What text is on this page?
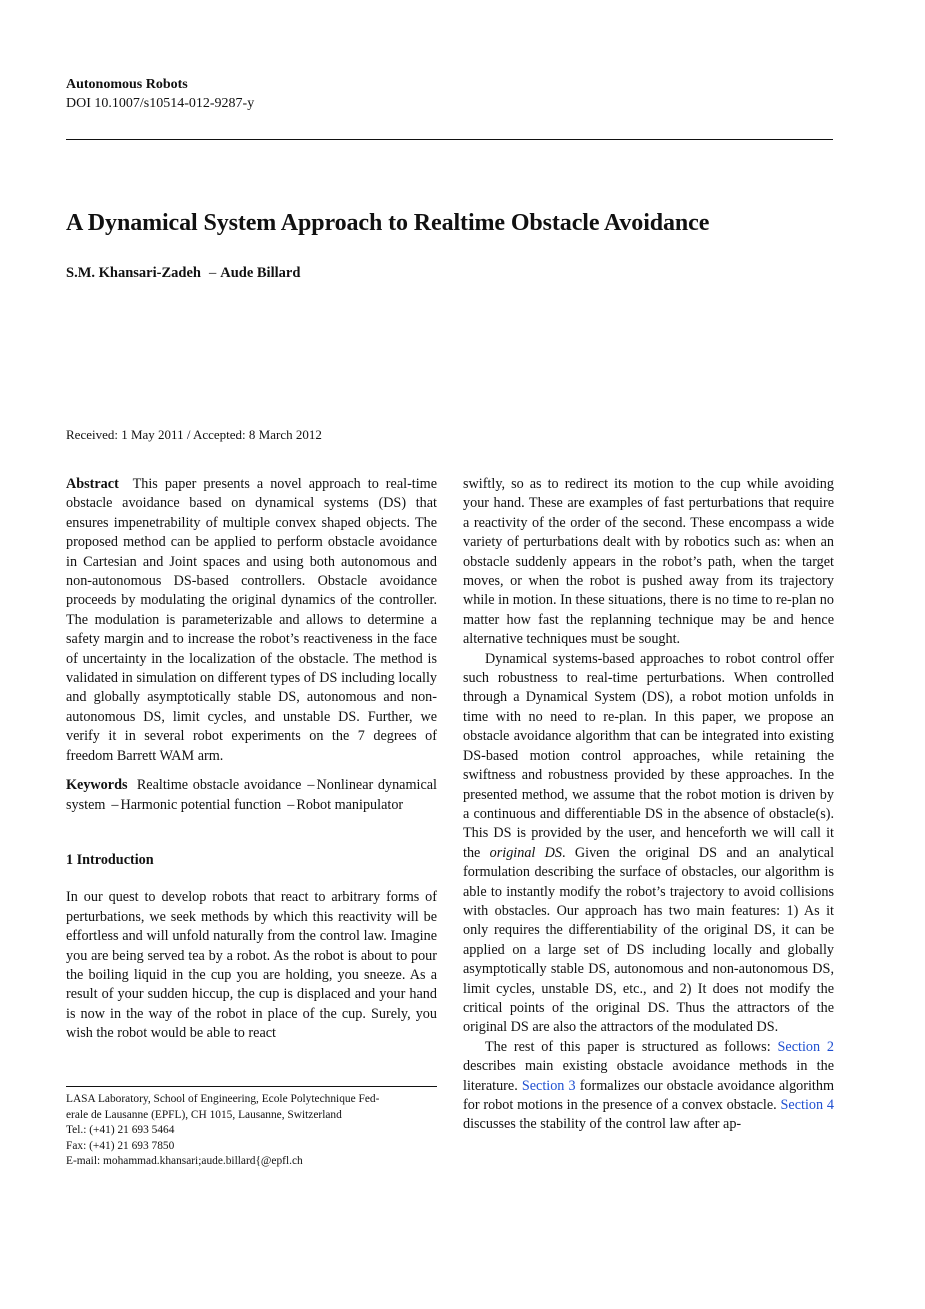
Autonomous Robots
DOI 10.1007/s10514-012-9287-y
A Dynamical System Approach to Realtime Obstacle Avoidance
S.M. Khansari-Zadeh – Aude Billard
Received: 1 May 2011 / Accepted: 8 March 2012

Abstract This paper presents a novel approach to real-time obstacle avoidance based on dynamical systems (DS) that ensures impenetrability of multiple convex shaped objects. The proposed method can be applied to perform obstacle avoidance in Cartesian and Joint spaces and using both autonomous and non-autonomous DS-based controllers. Obstacle avoidance proceeds by modulating the original dynamics of the controller. The modulation is parameterizable and allows to determine a safety margin and to increase the robot’s reactiveness in the face of uncertainty in the localization of the obstacle. The method is validated in simulation on different types of DS including locally and globally asymptotically stable DS, autonomous and non-autonomous DS, limit cycles, and unstable DS. Further, we verify it in several robot experiments on the 7 degrees of freedom Barrett WAM arm.

Keywords Realtime obstacle avoidance – Nonlinear dynamical system – Harmonic potential function – Robot manipulator

1 Introduction

In our quest to develop robots that react to arbitrary forms of perturbations, we seek methods by which this reactivity will be effortless and will unfold naturally from the control law. Imagine you are being served tea by a robot. As the robot is about to pour the boiling liquid in the cup you are holding, you sneeze. As a result of your sudden hiccup, the cup is displaced and your hand is now in the way of the robot in place of the cup. Surely, you wish the robot would be able to react

swiftly, so as to redirect its motion to the cup while avoiding your hand. These are examples of fast perturbations that require a reactivity of the order of the second. These encompass a wide variety of perturbations dealt with by robotics such as: when an obstacle suddenly appears in the robot’s path, when the target moves, or when the robot is pushed away from its trajectory while in motion. In these situations, there is no time to re-plan no matter how fast the replanning technique may be and hence alternative techniques must be sought.

Dynamical systems-based approaches to robot control offer such robustness to real-time perturbations. When controlled through a Dynamical System (DS), a robot motion unfolds in time with no need to re-plan. In this paper, we propose an obstacle avoidance algorithm that can be integrated into existing DS-based motion control approaches, while retaining the swiftness and robustness provided by these approaches. In the presented method, we assume that the robot motion is driven by a continuous and differentiable DS in the absence of obstacle(s). This DS is provided by the user, and henceforth we will call it the original DS. Given the original DS and an analytical formulation describing the surface of obstacles, our algorithm is able to instantly modify the robot’s trajectory to avoid collisions with obstacles. Our approach has two main features: 1) As it only requires the differentiability of the original DS, it can be applied on a large set of DS including locally and globally asymptotically stable DS, autonomous and non-autonomous DS, limit cycles, unstable DS, etc., and 2) It does not modify the critical points of the original DS. Thus the attractors of the original DS are also the attractors of the modulated DS.

The rest of this paper is structured as follows: Section 2 describes main existing obstacle avoidance methods in the literature. Section 3 formalizes our obstacle avoidance algorithm for robot motions in the presence of a convex obstacle. Section 4 discusses the stability of the control law after ap-

LASA Laboratory, School of Engineering, Ecole Polytechnique Fed-
erale de Lausanne (EPFL), CH 1015, Lausanne, Switzerland
Tel.: (+41) 21 693 5464
Fax: (+41) 21 693 7850
E-mail: mohammad.khansari;aude.billard{@epfl.ch
